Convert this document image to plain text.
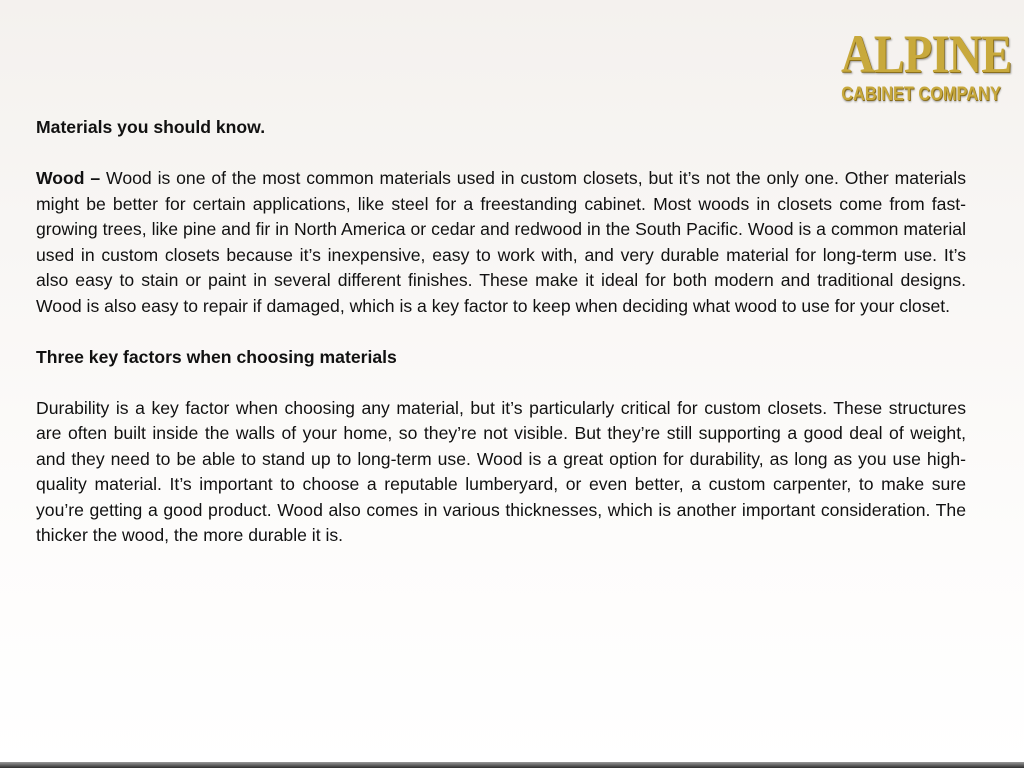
ALPINE
CABINET COMPANY

Materials you should know.

Wood – Wood is one of the most common materials used in custom closets, but it’s not the only one. Other materials might be better for certain applications, like steel for a freestanding cabinet. Most woods in closets come from fast-growing trees, like pine and fir in North America or cedar and redwood in the South Pacific. Wood is a common material used in custom closets because it’s inexpensive, easy to work with, and very durable material for long-term use. It’s also easy to stain or paint in several different finishes. These make it ideal for both modern and traditional designs. Wood is also easy to repair if damaged, which is a key factor to keep when deciding what wood to use for your closet.

Three key factors when choosing materials

Durability is a key factor when choosing any material, but it’s particularly critical for custom closets. These structures are often built inside the walls of your home, so they’re not visible. But they’re still supporting a good deal of weight, and they need to be able to stand up to long-term use. Wood is a great option for durability, as long as you use high-quality material. It’s important to choose a reputable lumberyard, or even better, a custom carpenter, to make sure you’re getting a good product. Wood also comes in various thicknesses, which is another important consideration. The thicker the wood, the more durable it is.
